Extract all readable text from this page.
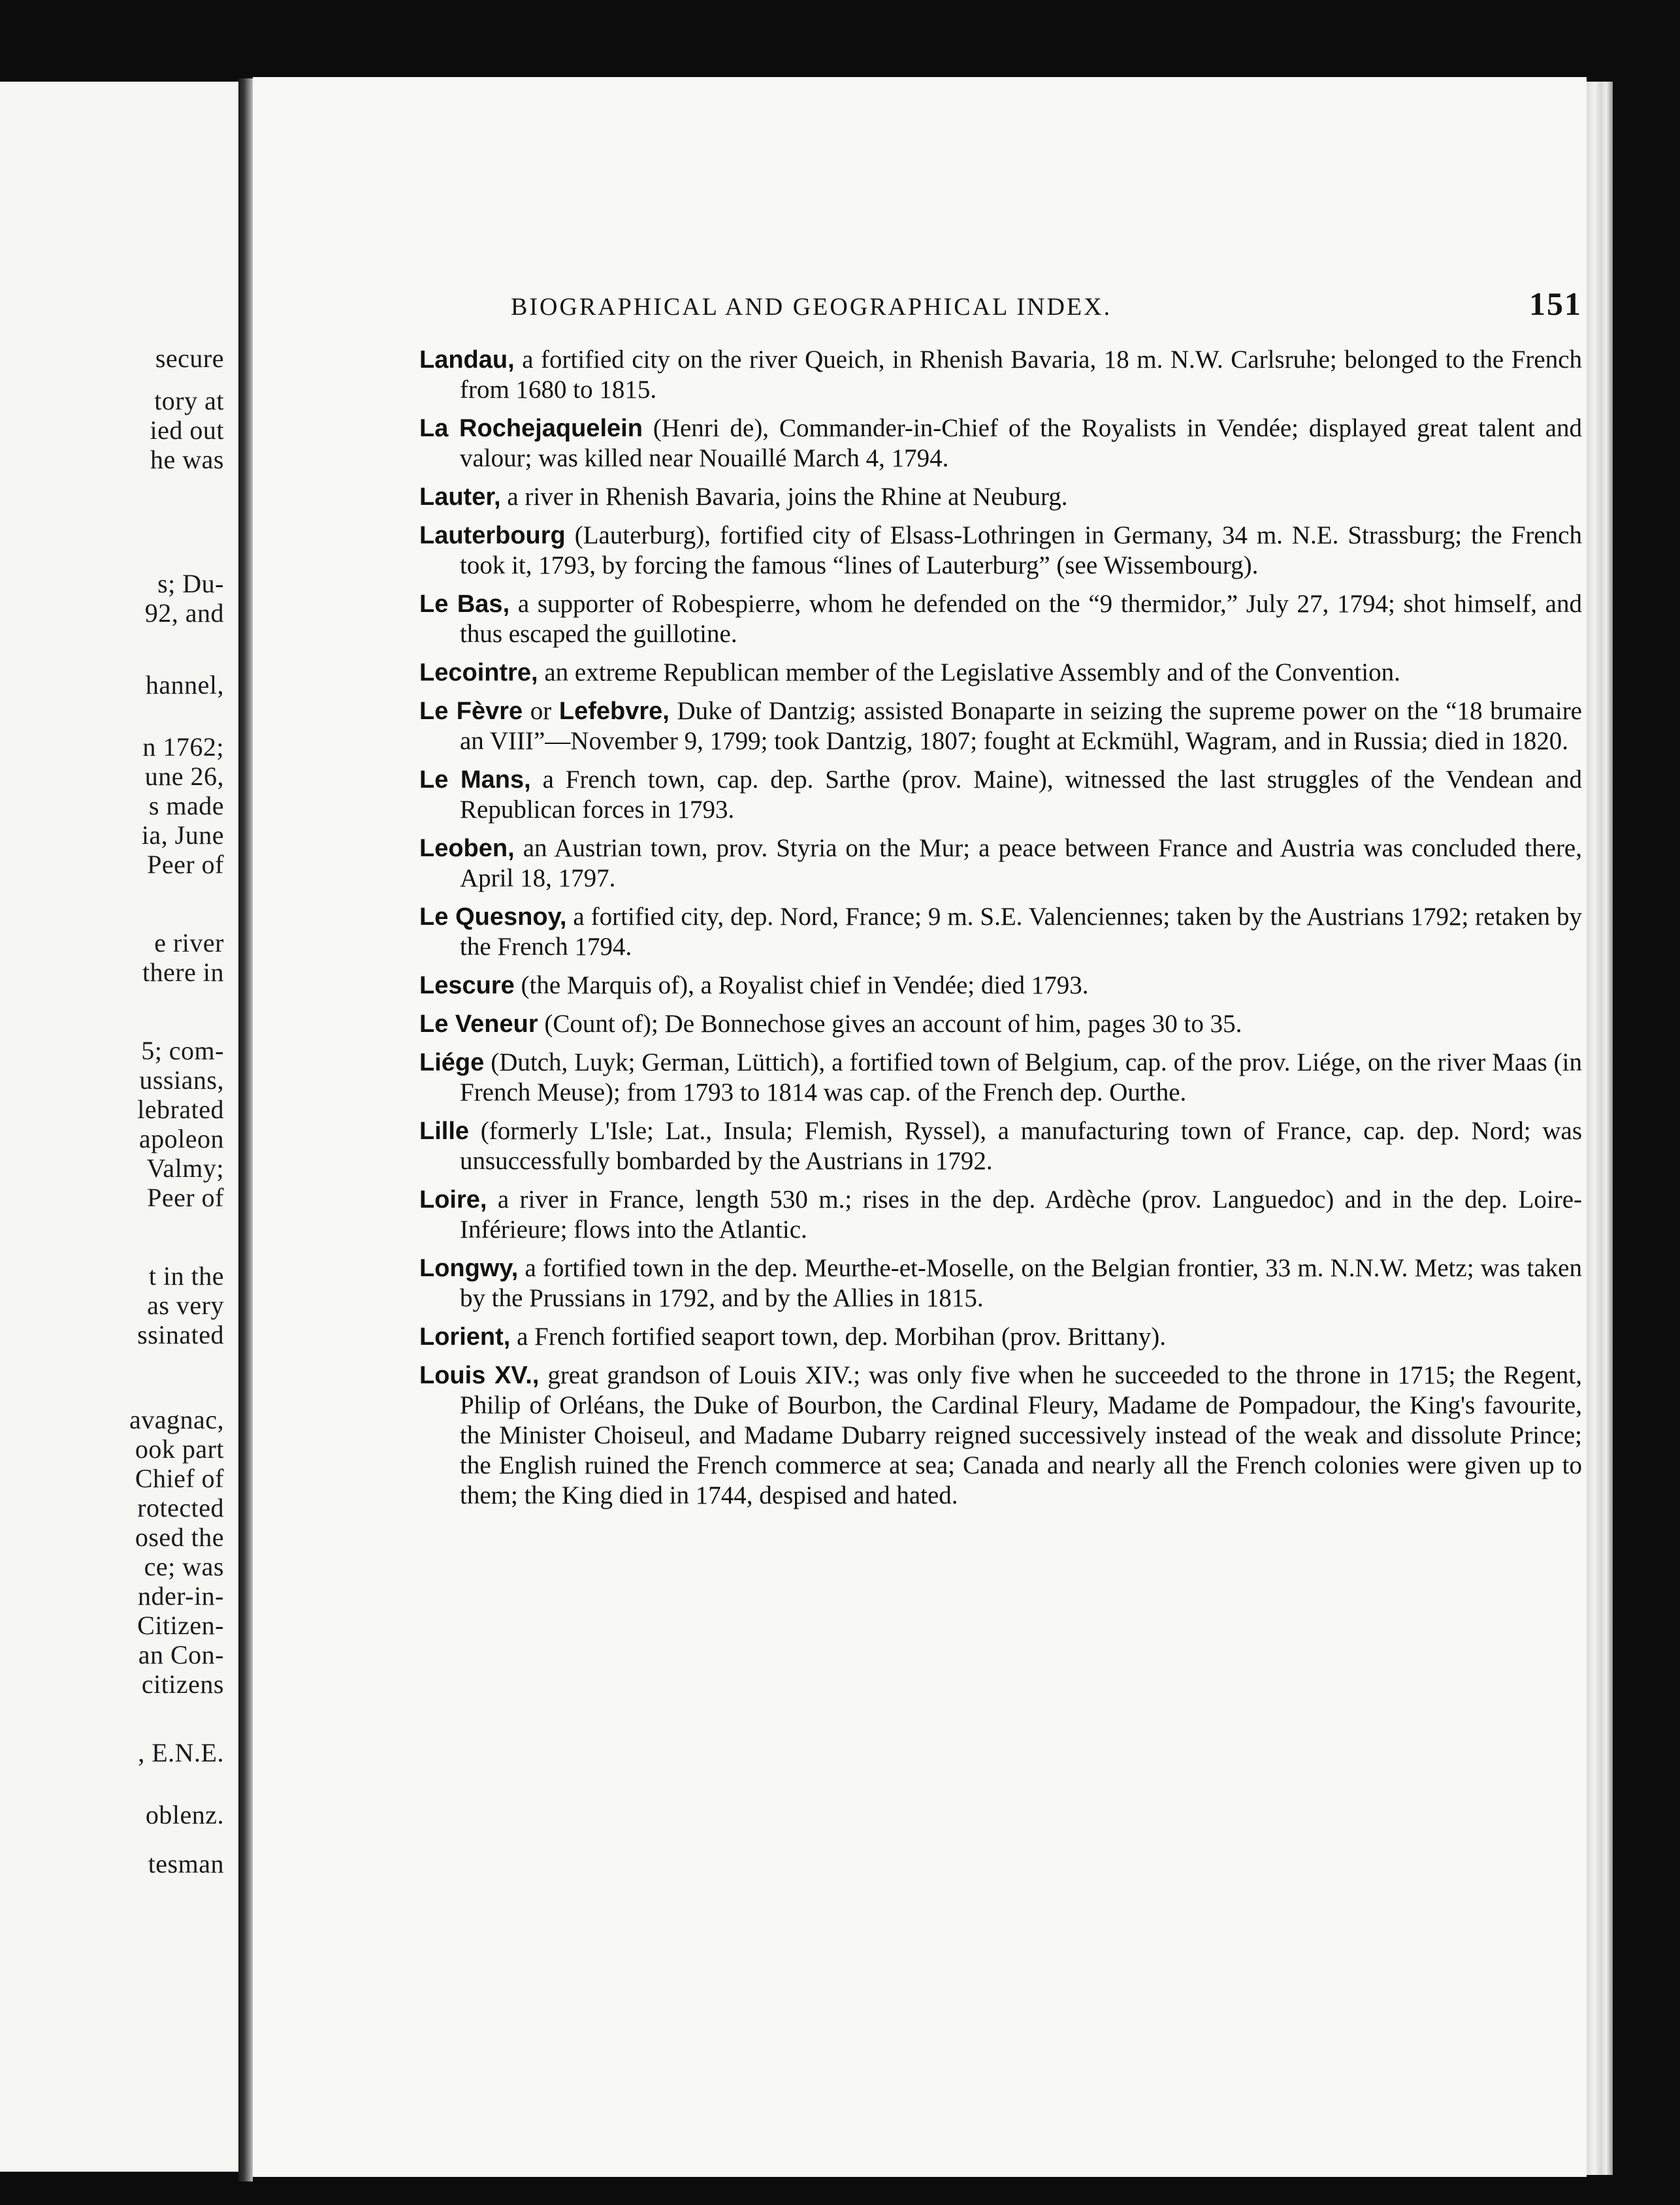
secure
tory at
ied out
he was
s; Du-
92, and
hannel,
n 1762;
une 26,
s made
ia, June
Peer of
e river
there in
5; com-
ussians,
lebrated
apoleon
Valmy;
Peer of
t in the
as very
ssinated
avagnac,
ook part
Chief of
rotected
osed the
ce; was
nder-in-
Citizen-
an Con-
citizens
, E.N.E.
oblenz.
tesman
BIOGRAPHICAL AND GEOGRAPHICAL INDEX.	151

Landau, a fortified city on the river Queich, in Rhenish Bavaria, 18 m. N.W. Carlsruhe; belonged to the French from 1680 to 1815.

La Rochejaquelein (Henri de), Commander-in-Chief of the Royalists in Vendée; displayed great talent and valour; was killed near Nouaillé March 4, 1794.

Lauter, a river in Rhenish Bavaria, joins the Rhine at Neuburg.

Lauterbourg (Lauterburg), fortified city of Elsass-Lothringen in Germany, 34 m. N.E. Strassburg; the French took it, 1793, by forcing the famous “lines of Lauterburg” (see Wissembourg).

Le Bas, a supporter of Robespierre, whom he defended on the “9 thermidor,” July 27, 1794; shot himself, and thus escaped the guillotine.

Lecointre, an extreme Republican member of the Legislative Assembly and of the Convention.

Le Fèvre or Lefebvre, Duke of Dantzig; assisted Bonaparte in seizing the supreme power on the “18 brumaire an VIII”—November 9, 1799; took Dantzig, 1807; fought at Eckmühl, Wagram, and in Russia; died in 1820.

Le Mans, a French town, cap. dep. Sarthe (prov. Maine), witnessed the last struggles of the Vendean and Republican forces in 1793.

Leoben, an Austrian town, prov. Styria on the Mur; a peace between France and Austria was concluded there, April 18, 1797.

Le Quesnoy, a fortified city, dep. Nord, France; 9 m. S.E. Valenciennes; taken by the Austrians 1792; retaken by the French 1794.

Lescure (the Marquis of), a Royalist chief in Vendée; died 1793.

Le Veneur (Count of); De Bonnechose gives an account of him, pages 30 to 35.

Liége (Dutch, Luyk; German, Lüttich), a fortified town of Belgium, cap. of the prov. Liége, on the river Maas (in French Meuse); from 1793 to 1814 was cap. of the French dep. Ourthe.

Lille (formerly L'Isle; Lat., Insula; Flemish, Ryssel), a manufacturing town of France, cap. dep. Nord; was unsuccessfully bombarded by the Austrians in 1792.

Loire, a river in France, length 530 m.; rises in the dep. Ardèche (prov. Languedoc) and in the dep. Loire-Inférieure; flows into the Atlantic.

Longwy, a fortified town in the dep. Meurthe-et-Moselle, on the Belgian frontier, 33 m. N.N.W. Metz; was taken by the Prussians in 1792, and by the Allies in 1815.

Lorient, a French fortified seaport town, dep. Morbihan (prov. Brittany).

Louis XV., great grandson of Louis XIV.; was only five when he succeeded to the throne in 1715; the Regent, Philip of Orléans, the Duke of Bourbon, the Cardinal Fleury, Madame de Pompadour, the King's favourite, the Minister Choiseul, and Madame Dubarry reigned successively instead of the weak and dissolute Prince; the English ruined the French commerce at sea; Canada and nearly all the French colonies were given up to them; the King died in 1744, despised and hated.
